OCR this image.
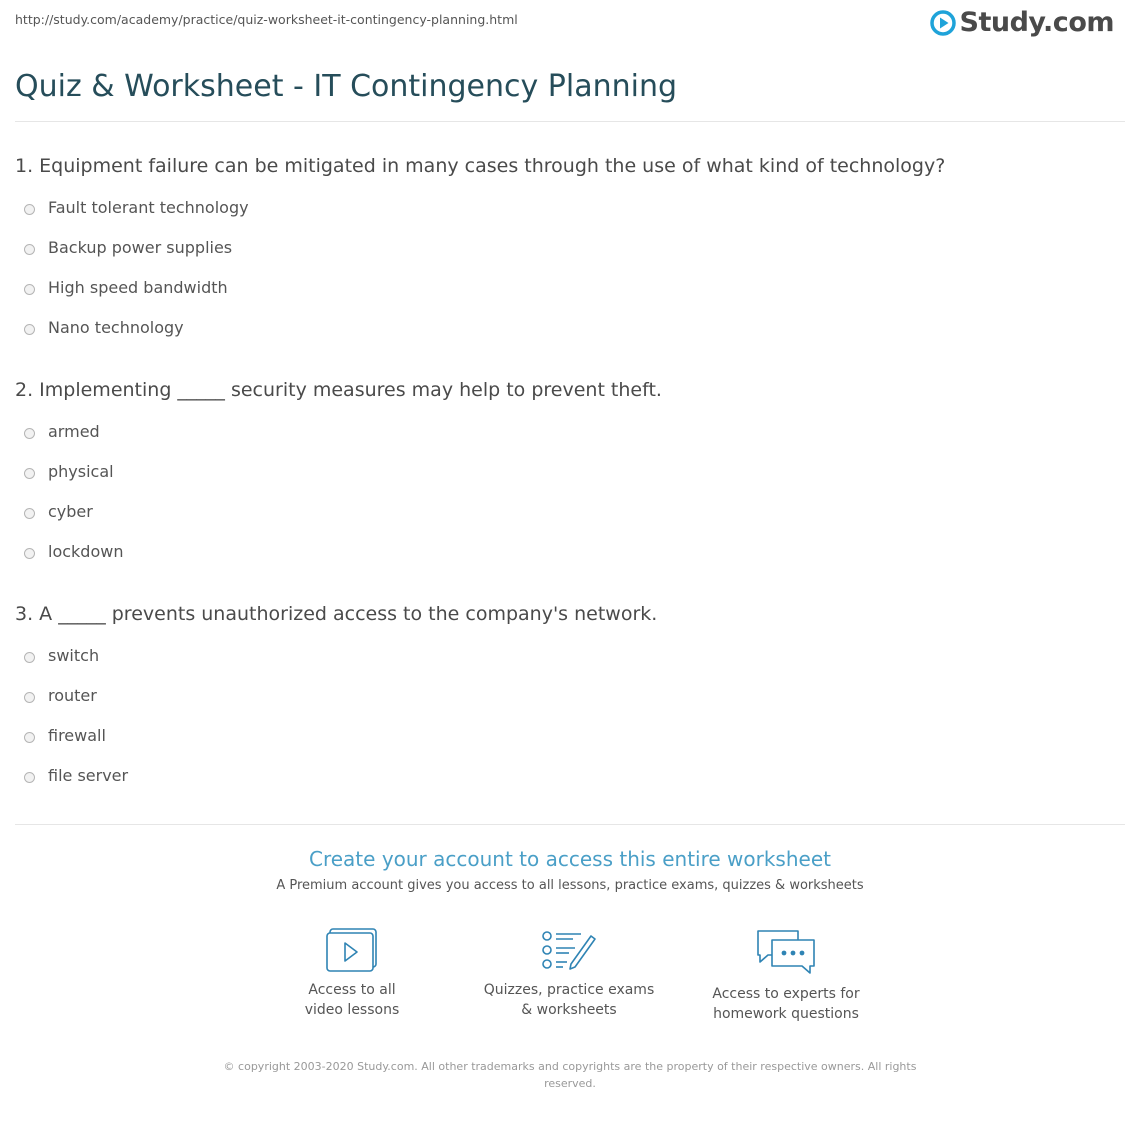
http://study.com/academy/practice/quiz-worksheet-it-contingency-planning.html	Study.com
Quiz & Worksheet - IT Contingency Planning

1. Equipment failure can be mitigated in many cases through the use of what kind of technology?

Fault tolerant technology
Backup power supplies
High speed bandwidth
Nano technology

2. Implementing _____ security measures may help to prevent theft.

armed
physical
cyber
lockdown

3. A _____ prevents unauthorized access to the company's network.

switch
router
firewall
file server
Create your account to access this entire worksheet
A Premium account gives you access to all lessons, practice exams, quizzes & worksheets
Access to all
video lessons
Quizzes, practice exams
& worksheets
Access to experts for
homework questions
© copyright 2003-2020 Study.com. All other trademarks and copyrights are the property of their respective owners. All rights reserved.
